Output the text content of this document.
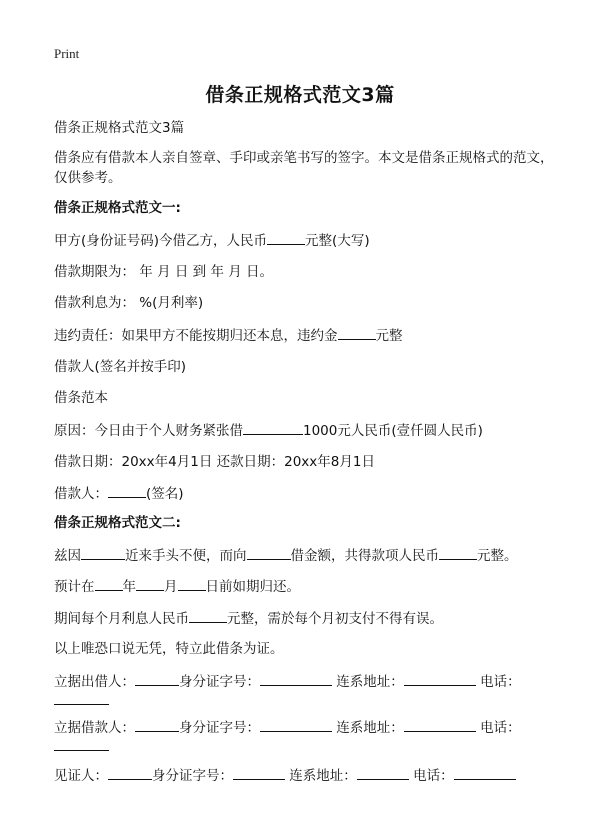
Print
借条正规格式范文3篇
借条正规格式范文3篇
借条应有借款本人亲自签章、手印或亲笔书写的签字。本文是借条正规格式的范文，仅供参考。
借条正规格式范文一:
甲方(身份证号码)今借乙方，人民币	元整(大写)
借款期限为： 年 月 日 到 年 月 日。
借款利息为： %(月利率)
违约责任：如果甲方不能按期归还本息，违约金	元整
借款人(签名并按手印)
借条范本
原因：今日由于个人财务紧张借	1000元人民币(壹仟圆人民币)
借款日期：20xx年4月1日 还款日期：20xx年8月1日
借款人：	(签名)
借条正规格式范文二:
兹因	近来手头不便，而向	借金额，共得款项人民币	元整。
预计在 年 月 日前如期归还。
期间每个月利息人民币	元整，需於每个月初支付不得有误。
以上唯恐口说无凭，特立此借条为证。
立据出借人：	身分证字号：	连系地址：	电话：
立据借款人：	身分证字号：	连系地址：	电话：
见证人：	身分证字号：	连系地址：	电话：
